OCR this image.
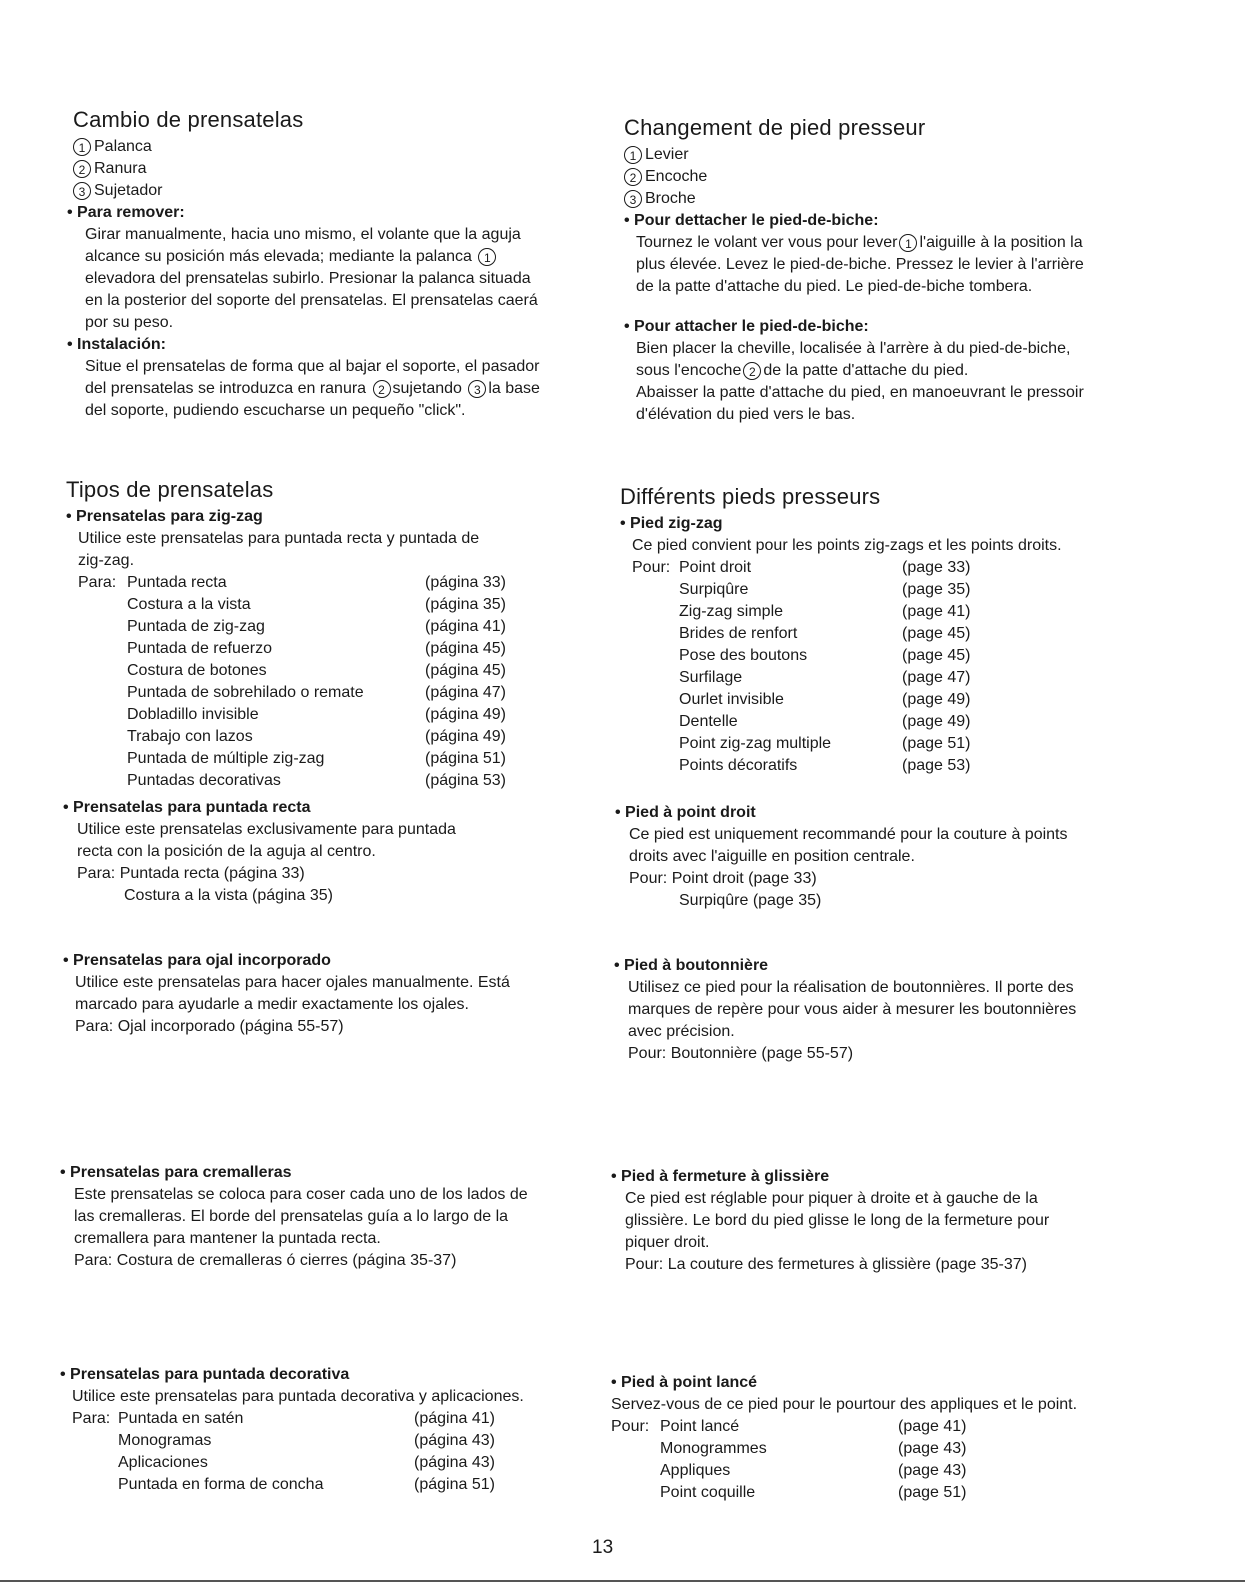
Cambio de prensatelas
1 Palanca
2 Ranura
3 Sujetador
• Para remover:
Girar manualmente, hacia uno mismo, el volante que la aguja
alcance su posición más elevada; mediante la palanca 1
elevadora del prensatelas subirlo. Presionar la palanca situada
en la posterior del soporte del prensatelas. El prensatelas caerá
por su peso.
• Instalación:
Situe el prensatelas de forma que al bajar el soporte, el pasador
del prensatelas se introduzca en ranura 2 sujetando 3 la base
del soporte, pudiendo escucharse un pequeño "click".
Tipos de prensatelas
• Prensatelas para zig-zag
Utilice este prensatelas para puntada recta y puntada de
zig-zag.
Para: Puntada recta	(página 33)
Costura a la vista	(página 35)
Puntada de zig-zag	(página 41)
Puntada de refuerzo	(página 45)
Costura de botones	(página 45)
Puntada de sobrehilado o remate	(página 47)
Dobladillo invisible	(página 49)
Trabajo con lazos	(página 49)
Puntada de múltiple zig-zag	(página 51)
Puntadas decorativas	(página 53)
• Prensatelas para puntada recta
Utilice este prensatelas exclusivamente para puntada
recta con la posición de la aguja al centro.
Para: Puntada recta (página 33)
Costura a la vista (página 35)
• Prensatelas para ojal incorporado
Utilice este prensatelas para hacer ojales manualmente. Está
marcado para ayudarle a medir exactamente los ojales.
Para: Ojal incorporado (página 55-57)
• Prensatelas para cremalleras
Este prensatelas se coloca para coser cada uno de los lados de
las cremalleras. El borde del prensatelas guía a lo largo de la
cremallera para mantener la puntada recta.
Para: Costura de cremalleras ó cierres (página 35-37)
• Prensatelas para puntada decorativa
Utilice este prensatelas para puntada decorativa y aplicaciones.
Para: Puntada en satén	(página 41)
Monogramas	(página 43)
Aplicaciones	(página 43)
Puntada en forma de concha	(página 51)
Changement de pied presseur
1 Levier
2 Encoche
3 Broche
• Pour dettacher le pied-de-biche:
Tournez le volant ver vous pour lever 1 l'aiguille à la position la
plus élevée. Levez le pied-de-biche. Pressez le levier à l'arrière
de la patte d'attache du pied. Le pied-de-biche tombera.
• Pour attacher le pied-de-biche:
Bien placer la cheville, localisée à l'arrère à du pied-de-biche,
sous l'encoche 2 de la patte d'attache du pied.
Abaisser la patte d'attache du pied, en manoeuvrant le pressoir
d'élévation du pied vers le bas.
Différents pieds presseurs
• Pied zig-zag
Ce pied convient pour les points zig-zags et les points droits.
Pour: Point droit	(page 33)
Surpiqûre	(page 35)
Zig-zag simple	(page 41)
Brides de renfort	(page 45)
Pose des boutons	(page 45)
Surfilage	(page 47)
Ourlet invisible	(page 49)
Dentelle	(page 49)
Point zig-zag multiple	(page 51)
Points décoratifs	(page 53)
• Pied à point droit
Ce pied est uniquement recommandé pour la couture à points
droits avec l'aiguille en position centrale.
Pour: Point droit (page 33)
Surpiqûre (page 35)
• Pied à boutonnière
Utilisez ce pied pour la réalisation de boutonnières. Il porte des
marques de repère pour vous aider à mesurer les boutonnières
avec précision.
Pour: Boutonnière (page 55-57)
• Pied à fermeture à glissière
Ce pied est réglable pour piquer à droite et à gauche de la
glissière. Le bord du pied glisse le long de la fermeture pour
piquer droit.
Pour: La couture des fermetures à glissière (page 35-37)
• Pied à point lancé
Servez-vous de ce pied pour le pourtour des appliques et le point.
Pour: Point lancé	(page 41)
Monogrammes	(page 43)
Appliques	(page 43)
Point coquille	(page 51)
13
